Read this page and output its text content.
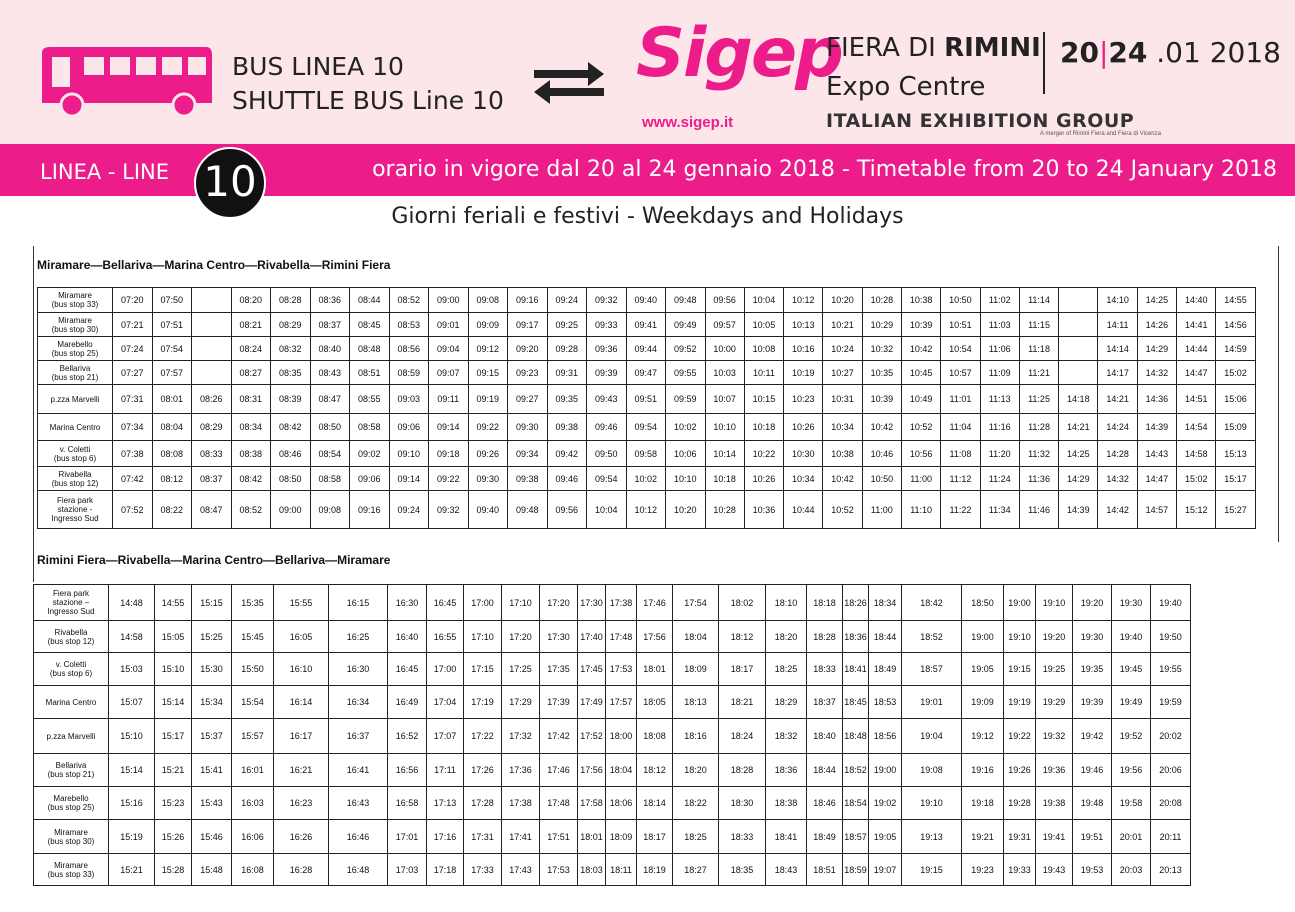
BUS LINEA 10
SHUTTLE BUS Line 10
Sigep
www.sigep.it
FIERA DI RIMINI
Expo Centre
ITALIAN EXHIBITION GROUP
A merger of Rimini Fiera and Fiera di Vicenza
20|24 .01 2018
LINEA - LINE 10	orario in vigore dal 20 al 24 gennaio 2018 - Timetable from 20 to 24 January 2018
Giorni feriali e festivi - Weekdays and Holidays
Miramare—Bellariva—Marina Centro—Rivabella—Rimini Fiera
Rimini Fiera—Rivabella—Marina Centro—Bellariva—Miramare
Miramare
(bus stop 33)	07:20	07:50		08:20	08:28	08:36	08:44	08:52	09:00	09:08	09:16	09:24	09:32	09:40	09:48	09:56	10:04	10:12	10:20	10:28	10:38	10:50	11:02	11:14		14:10	14:25	14:40	14:55
Miramare
(bus stop 30)	07:21	07:51		08:21	08:29	08:37	08:45	08:53	09:01	09:09	09:17	09:25	09:33	09:41	09:49	09:57	10:05	10:13	10:21	10:29	10:39	10:51	11:03	11:15		14:11	14:26	14:41	14:56
Marebello
(bus stop 25)	07:24	07:54		08:24	08:32	08:40	08:48	08:56	09:04	09:12	09:20	09:28	09:36	09:44	09:52	10:00	10:08	10:16	10:24	10:32	10:42	10:54	11:06	11:18		14:14	14:29	14:44	14:59
Bellariva
(bus stop 21)	07:27	07:57		08:27	08:35	08:43	08:51	08:59	09:07	09:15	09:23	09:31	09:39	09:47	09:55	10:03	10:11	10:19	10:27	10:35	10:45	10:57	11:09	11:21		14:17	14:32	14:47	15:02
p.zza Marvelli	07:31	08:01	08:26	08:31	08:39	08:47	08:55	09:03	09:11	09:19	09:27	09:35	09:43	09:51	09:59	10:07	10:15	10:23	10:31	10:39	10:49	11:01	11:13	11:25	14:18	14:21	14:36	14:51	15:06
Marina Centro	07:34	08:04	08:29	08:34	08:42	08:50	08:58	09:06	09:14	09:22	09:30	09:38	09:46	09:54	10:02	10:10	10:18	10:26	10:34	10:42	10:52	11:04	11:16	11:28	14:21	14:24	14:39	14:54	15:09
v. Coletti
(bus stop 6)	07:38	08:08	08:33	08:38	08:46	08:54	09:02	09:10	09:18	09:26	09:34	09:42	09:50	09:58	10:06	10:14	10:22	10:30	10:38	10:46	10:56	11:08	11:20	11:32	14:25	14:28	14:43	14:58	15:13
Rivabella
(bus stop 12)	07:42	08:12	08:37	08:42	08:50	08:58	09:06	09:14	09:22	09:30	09:38	09:46	09:54	10:02	10:10	10:18	10:26	10:34	10:42	10:50	11:00	11:12	11:24	11:36	14:29	14:32	14:47	15:02	15:17
Fiera park
stazione -
Ingresso Sud	07:52	08:22	08:47	08:52	09:00	09:08	09:16	09:24	09:32	09:40	09:48	09:56	10:04	10:12	10:20	10:28	10:36	10:44	10:52	11:00	11:10	11:22	11:34	11:46	14:39	14:42	14:57	15:12	15:27
Fiera park
stazione –
Ingresso Sud	14:48	14:55	15:15	15:35	15:55	16:15	16:30	16:45	17:00	17:10	17:20	17:30	17:38	17:46	17:54	18:02	18:10	18:18	18:26	18:34	18:42	18:50	19:00	19:10	19:20	19:30	19:40
Rivabella
(bus stop 12)	14:58	15:05	15:25	15:45	16:05	16:25	16:40	16:55	17:10	17:20	17:30	17:40	17:48	17:56	18:04	18:12	18:20	18:28	18:36	18:44	18:52	19:00	19:10	19:20	19:30	19:40	19:50
v. Coletti
(bus stop 6)	15:03	15:10	15:30	15:50	16:10	16:30	16:45	17:00	17:15	17:25	17:35	17:45	17:53	18:01	18:09	18:17	18:25	18:33	18:41	18:49	18:57	19:05	19:15	19:25	19:35	19:45	19:55
Marina Centro	15:07	15:14	15:34	15:54	16:14	16:34	16:49	17:04	17:19	17:29	17:39	17:49	17:57	18:05	18:13	18:21	18:29	18:37	18:45	18:53	19:01	19:09	19:19	19:29	19:39	19:49	19:59
p.zza Marvelli	15:10	15:17	15:37	15:57	16:17	16:37	16:52	17:07	17:22	17:32	17:42	17:52	18:00	18:08	18:16	18:24	18:32	18:40	18:48	18:56	19:04	19:12	19:22	19:32	19:42	19:52	20:02
Bellariva
(bus stop 21)	15:14	15:21	15:41	16:01	16:21	16:41	16:56	17:11	17:26	17:36	17:46	17:56	18:04	18:12	18:20	18:28	18:36	18:44	18:52	19:00	19:08	19:16	19:26	19:36	19:46	19:56	20:06
Marebello
(bus stop 25)	15:16	15:23	15:43	16:03	16:23	16:43	16:58	17:13	17:28	17:38	17:48	17:58	18:06	18:14	18:22	18:30	18:38	18:46	18:54	19:02	19:10	19:18	19:28	19:38	19:48	19:58	20:08
Miramare
(bus stop 30)	15:19	15:26	15:46	16:06	16:26	16:46	17:01	17:16	17:31	17:41	17:51	18:01	18:09	18:17	18:25	18:33	18:41	18:49	18:57	19:05	19:13	19:21	19:31	19:41	19:51	20:01	20:11
Miramare
(bus stop 33)	15:21	15:28	15:48	16:08	16:28	16:48	17:03	17:18	17:33	17:43	17:53	18:03	18:11	18:19	18:27	18:35	18:43	18:51	18:59	19:07	19:15	19:23	19:33	19:43	19:53	20:03	20:13
